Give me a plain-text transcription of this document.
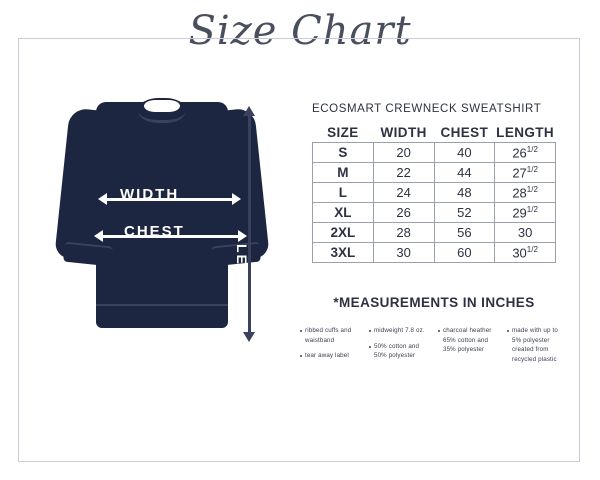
Size Chart
WIDTH
CHEST
LENGTH
ECOSMART CREWNECK SWEATSHIRT
SIZE	WIDTH	CHEST	LENGTH
S	20	40	$26^{1/2}$
M	22	44	$27^{1/2}$
L	24	48	$28^{1/2}$
XL	26	52	$29^{1/2}$
2XL	28	56	30
3XL	30	60	$30^{1/2}$
*MEASUREMENTS IN INCHES
ribbed cuffs and waistband
tear away label
midweight 7.8 oz.
50% cotton and 50% polyester
charcoal heather 65% cotton and 35% polyester
made with up to 5% polyester created from recycled plastic
